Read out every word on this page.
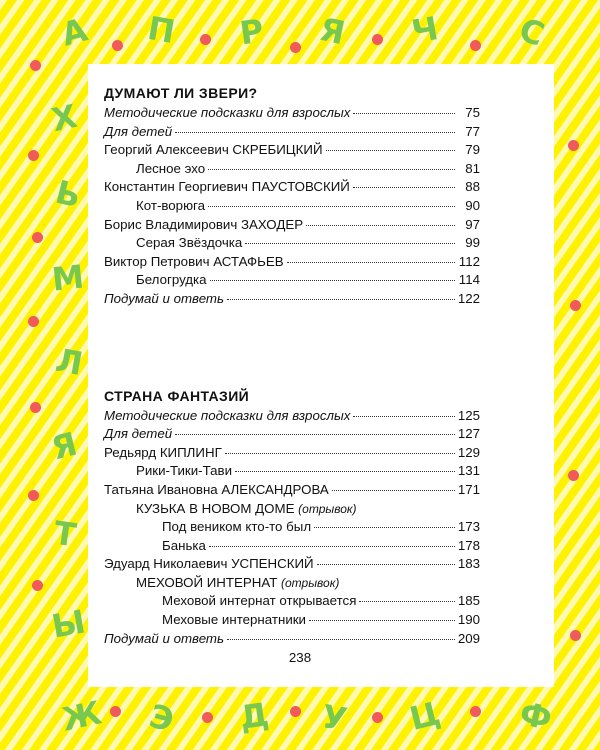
А П Р Я Ч С
Х
Ь
М
Л
Я
Т
Ы
Ж Э Д У Ц Ф
ДУМАЮТ ЛИ ЗВЕРИ?
Методические подсказки для взрослых	75
Для детей	77
Георгий Алексеевич СКРЕБИЦКИЙ	79
Лесное эхо	81
Константин Георгиевич ПАУСТОВСКИЙ	88
Кот-ворюга	90
Борис Владимирович ЗАХОДЕР	97
Серая Звёздочка	99
Виктор Петрович АСТАФЬЕВ	112
Белогрудка	114
Подумай и ответь	122
СТРАНА ФАНТАЗИЙ
Методические подсказки для взрослых	125
Для детей	127
Редьярд КИПЛИНГ	129
Рики-Тики-Тави	131
Татьяна Ивановна АЛЕКСАНДРОВА	171
КУЗЬКА В НОВОМ ДОМЕ (отрывок)
Под веником кто-то был	173
Банька	178
Эдуард Николаевич УСПЕНСКИЙ	183
МЕХОВОЙ ИНТЕРНАТ (отрывок)
Меховой интернат открывается	185
Меховые интернатники	190
Подумай и ответь	209
238
